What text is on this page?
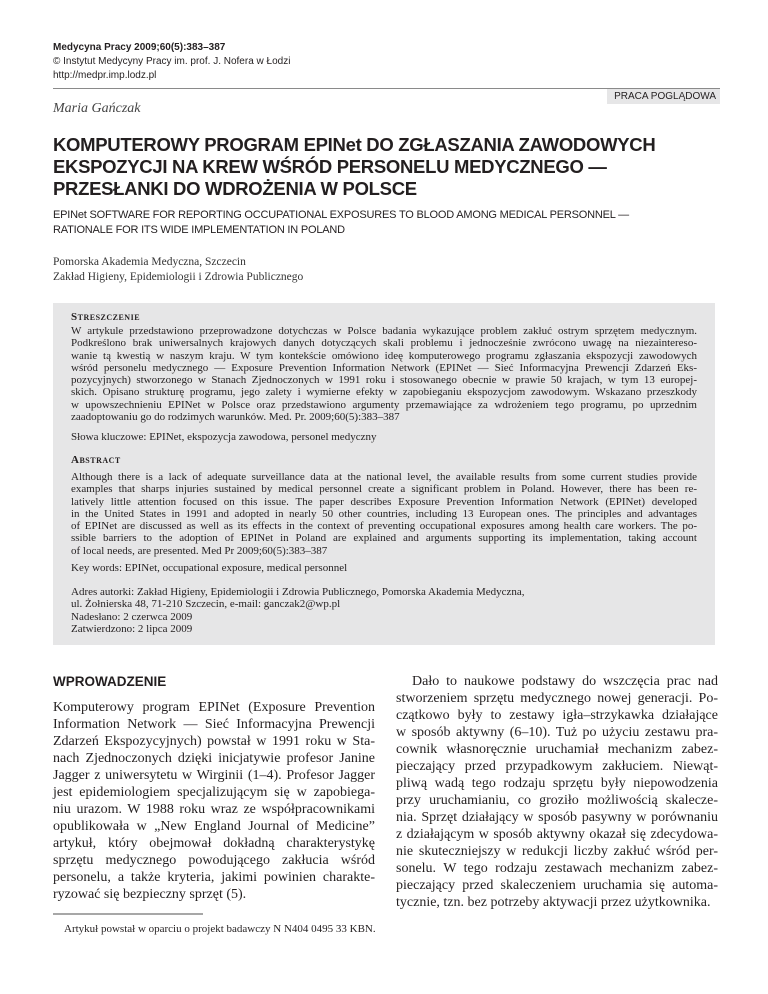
Medycyna Pracy 2009;60(5):383–387
© Instytut Medycyny Pracy im. prof. J. Nofera w Łodzi
http://medpr.imp.lodz.pl
PRACA POGLĄDOWA
Maria Gańczak
KOMPUTEROWY PROGRAM EPINet DO ZGŁASZANIA ZAWODOWYCH
EKSPOZYCJI NA KREW WŚRÓD PERSONELU MEDYCZNEGO —
PRZESŁANKI DO WDROŻENIA W POLSCE
EPINet SOFTWARE FOR REPORTING OCCUPATIONAL EXPOSURES TO BLOOD AMONG MEDICAL PERSONNEL —
RATIONALE FOR ITS WIDE IMPLEMENTATION IN POLAND
Pomorska Akademia Medyczna, Szczecin
Zakład Higieny, Epidemiologii i Zdrowia Publicznego
Streszczenie
W artykule przedstawiono przeprowadzone dotychczas w Polsce badania wykazujące problem zakłuć ostrym sprzętem medycznym.
Podkreślono brak uniwersalnych krajowych danych dotyczących skali problemu i jednocześnie zwrócono uwagę na niezaintereso-
wanie tą kwestią w naszym kraju. W tym kontekście omówiono ideę komputerowego programu zgłaszania ekspozycji zawodowych
wśród personelu medycznego — Exposure Prevention Information Network (EPINet — Sieć Informacyjna Prewencji Zdarzeń Eks-
pozycyjnych) stworzonego w Stanach Zjednoczonych w 1991 roku i stosowanego obecnie w prawie 50 krajach, w tym 13 europej-
skich. Opisano strukturę programu, jego zalety i wymierne efekty w zapobieganiu ekspozycjom zawodowym. Wskazano przeszkody
w upowszechnieniu EPINet w Polsce oraz przedstawiono argumenty przemawiające za wdrożeniem tego programu, po uprzednim
zaadoptowaniu go do rodzimych warunków. Med. Pr. 2009;60(5):383–387
Słowa kluczowe: EPINet, ekspozycja zawodowa, personel medyczny
Abstract
Although there is a lack of adequate surveillance data at the national level, the available results from some current studies provide
examples that sharps injuries sustained by medical personnel create a significant problem in Poland. However, there has been re-
latively little attention focused on this issue. The paper describes Exposure Prevention Information Network (EPINet) developed
in the United States in 1991 and adopted in nearly 50 other countries, including 13 European ones. The principles and advantages
of EPINet are discussed as well as its effects in the context of preventing occupational exposures among health care workers. The po-
ssible barriers to the adoption of EPINet in Poland are explained and arguments supporting its implementation, taking account
of local needs, are presented. Med Pr 2009;60(5):383–387
Key words: EPINet, occupational exposure, medical personnel
Adres autorki: Zakład Higieny, Epidemiologii i Zdrowia Publicznego, Pomorska Akademia Medyczna,
ul. Żołnierska 48, 71-210 Szczecin, e-mail: ganczak2@wp.pl
Nadesłano: 2 czerwca 2009
Zatwierdzono: 2 lipca 2009
WPROWADZENIE
Komputerowy program EPINet (Exposure Prevention
Information Network — Sieć Informacyjna Prewencji
Zdarzeń Ekspozycyjnych) powstał w 1991 roku w Sta-
nach Zjednoczonych dzięki inicjatywie profesor Janine
Jagger z uniwersytetu w Wirginii (1–4). Profesor Jagger
jest epidemiologiem specjalizującym się w zapobiega-
niu urazom. W 1988 roku wraz ze współpracownikami
opublikowała w „New England Journal of Medicine”
artykuł, który obejmował dokładną charakterystykę
sprzętu medycznego powodującego zakłucia wśród
personelu, a także kryteria, jakimi powinien charakte-
ryzować się bezpieczny sprzęt (5).
Dało to naukowe podstawy do wszczęcia prac nad
stworzeniem sprzętu medycznego nowej generacji. Po-
czątkowo były to zestawy igła–strzykawka działające
w sposób aktywny (6–10). Tuż po użyciu zestawu pra-
cownik własnoręcznie uruchamiał mechanizm zabez-
pieczający przed przypadkowym zakłuciem. Niewąt-
pliwą wadą tego rodzaju sprzętu były niepowodzenia
przy uruchamianiu, co groziło możliwością skalecze-
nia. Sprzęt działający w sposób pasywny w porównaniu
z działającym w sposób aktywny okazał się zdecydowa-
nie skuteczniejszy w redukcji liczby zakłuć wśród per-
sonelu. W tego rodzaju zestawach mechanizm zabez-
pieczający przed skaleczeniem uruchamia się automa-
tycznie, tzn. bez potrzeby aktywacji przez użytkownika.
Artykuł powstał w oparciu o projekt badawczy N N404 0495 33 KBN.
